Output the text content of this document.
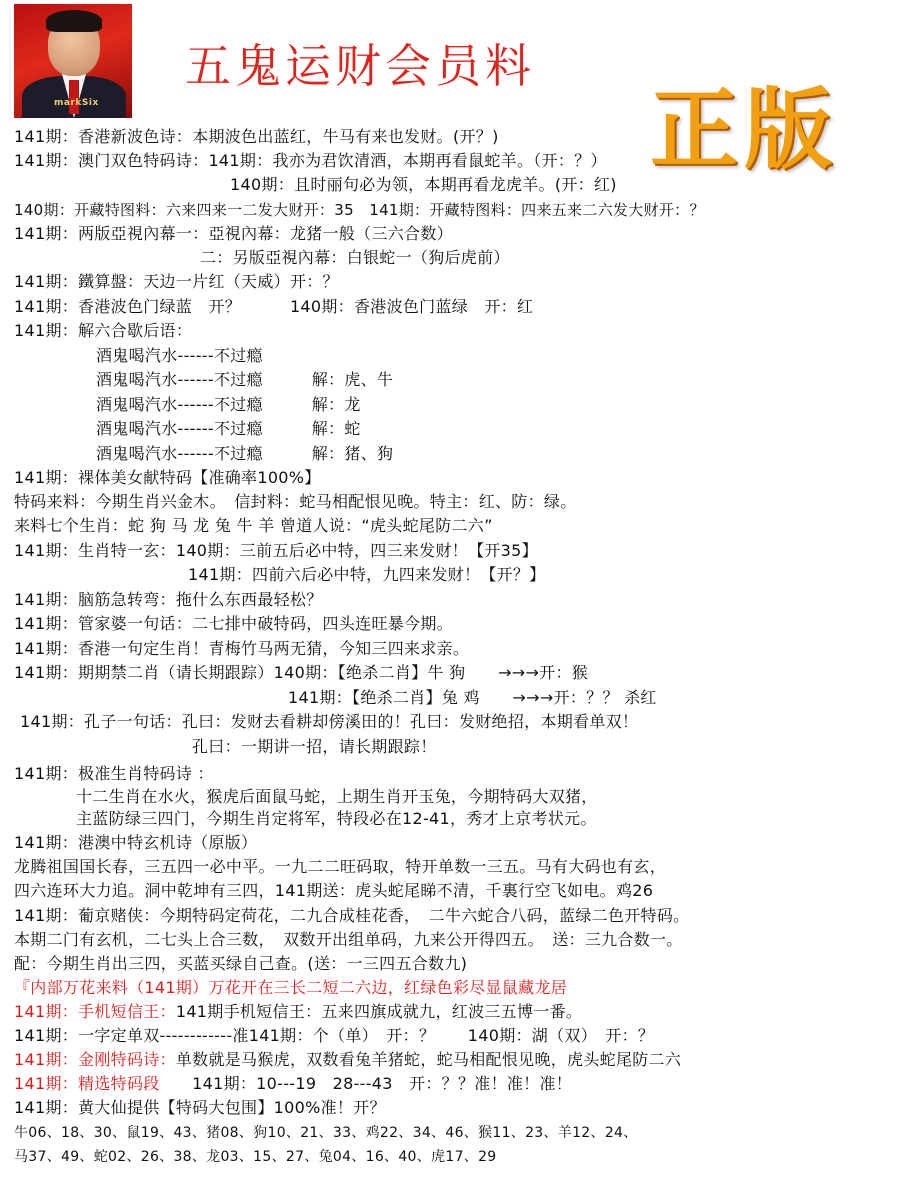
markSix
五鬼运财会员料
正版
141期：香港新波色诗：本期波色出蓝红，牛马有来也发财。(开？)
141期：澳门双色特码诗：141期：我亦为君饮清酒，本期再看鼠蛇羊。（开：？）
140期：且时丽句必为领，本期再看龙虎羊。(开：红)
140期：开藏特图料：六来四来一二发大财开：35　141期：开藏特图料：四来五来二六发大财开：？
141期：两版亞視內幕一：亞視內幕：龙猪一般（三六合数）
二：另版亞視內幕：白银蛇一（狗后虎前）
141期：鐵算盤：天边一片红（天威）开：？
141期：香港波色门绿蓝　开？　　　140期：香港波色门蓝绿　开：红
141期：解六合歇后语：
酒鬼喝汽水------不过瘾
酒鬼喝汽水------不过瘾　　　解：虎、牛
酒鬼喝汽水------不过瘾　　　解：龙
酒鬼喝汽水------不过瘾　　　解：蛇
酒鬼喝汽水------不过瘾　　　解：猪、狗
141期：裸体美女献特码【准确率100%】
特码来料：今期生肖兴金木。　信封料：蛇马相配恨见晚。特主：红、防：绿。
来料七个生肖：蛇 狗 马 龙 兔 牛 羊 曾道人说：“虎头蛇尾防二六”
141期：生肖特一玄：140期：三前五后必中特，四三来发财！【开35】
141期：四前六后必中特，九四来发财！【开？】
141期：脑筋急转弯：拖什么东西最轻松？
141期：管家婆一句话：二七排中破特码，四头连旺暴今期。
141期：香港一句定生肖！青梅竹马两无猜，今知三四来求亲。
141期：期期禁二肖（请长期跟踪）140期：【绝杀二肖】牛 狗　　→→→开：猴
141期：【绝杀二肖】兔 鸡　　→→→开：？？ 杀红
141期：孔子一句话：孔曰：发财去看耕却傍溪田的！孔曰：发财绝招，本期看单双！
孔曰：一期讲一招，请长期跟踪！
141期：极准生肖特码诗 ：
十二生肖在水火，猴虎后面鼠马蛇，上期生肖开玉兔，今期特码大双猪，
主蓝防绿三四门，今期生肖定将军，特段必在12-41，秀才上京考状元。
141期：港澳中特玄机诗（原版）
龙腾祖国国长春，三五四一必中平。一九二二旺码取，特开单数一三五。马有大码也有玄，
四六连环大力追。洞中乾坤有三四，141期送：虎头蛇尾睇不清，千裏行空飞如电。鸡26
141期：葡京赌侠：今期特码定荷花，二九合成桂花香，　二牛六蛇合八码，蓝绿二色开特码。
本期二门有玄机，二七头上合三数，　双数开出组单码，九来公开得四五。　送：三九合数一。
配：今期生肖出三四，买蓝买绿自己查。(送：一三四五合数九)
『内部万花来料（141期）万花开在三长二短二六边，红绿色彩尽显鼠藏龙居
141期：手机短信王：141期手机短信王：五来四旗成就九，红波三五博一番。
141期：一字定单双------------准141期：个（单）　开：？　　140期：湖（双）　开：？
141期：金刚特码诗：单数就是马猴虎，双数看兔羊猪蛇，蛇马相配恨见晚，虎头蛇尾防二六
141期：精选特码段　　141期：10---19　28---43　开：？？准！准！准！
141期：黄大仙提供【特码大包围】100%准！开？
牛06、18、30、鼠19、43、猪08、狗10、21、33、鸡22、34、46、猴11、23、羊12、24、
马37、49、蛇02、26、38、龙03、15、27、兔04、16、40、虎17、29
